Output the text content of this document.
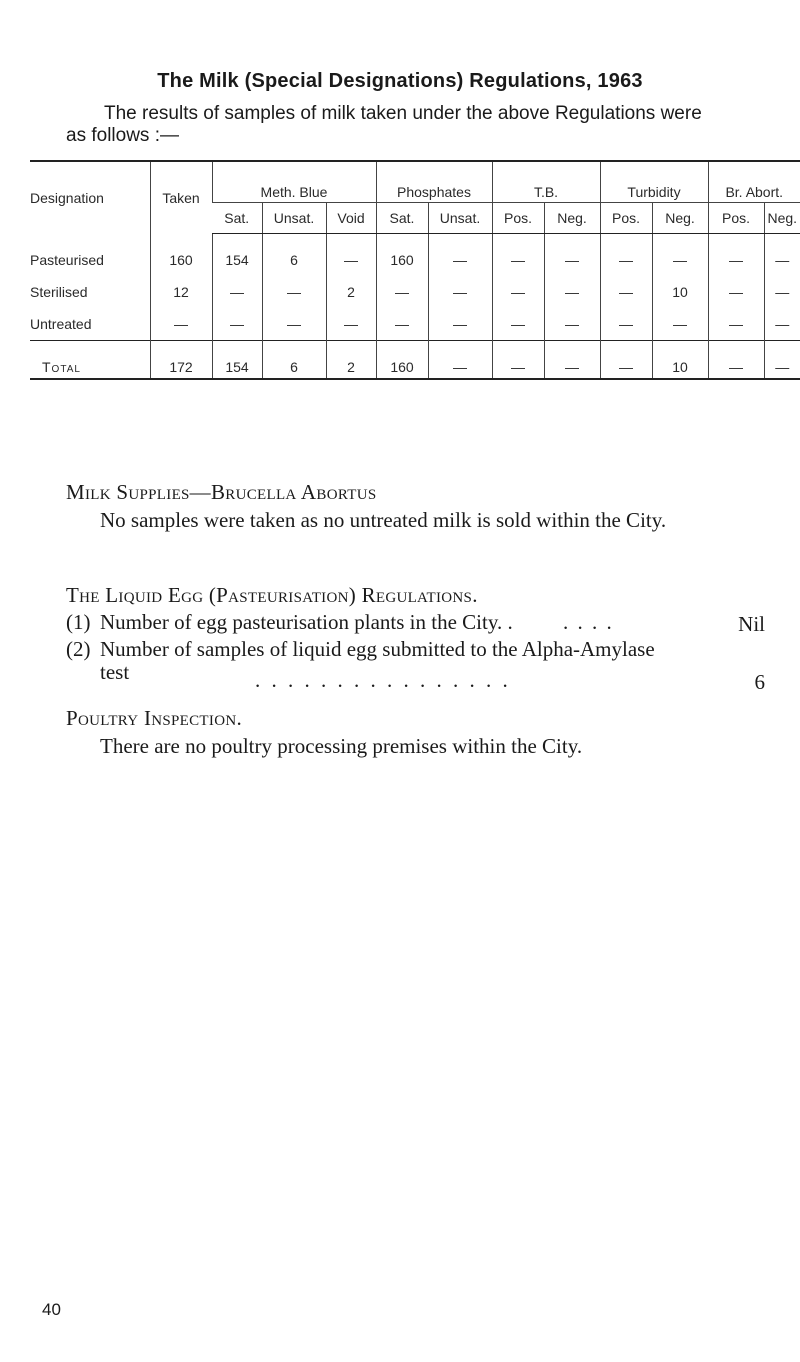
The Milk (Special Designations) Regulations, 1963
The results of samples of milk taken under the above Regulations were
as follows :—
Designation	Taken	Meth. Blue			Phosphates		T.B.		Turbidity		Br. Abort.	
		Sat.	Unsat.	Void	Sat.	Unsat.	Pos.	Neg.	Pos.	Neg.	Pos.	Neg.
Pasteurised	160	154	6	—	160	—	—	—	—	—	—	—
Sterilised	12	—	—	2	—	—	—	—	—	10	—	—
Untreated	—	—	—	—	—	—	—	—	—	—	—	—
Total	172	154	6	2	160	—	—	—	—	10	—	—
Milk Supplies—Brucella Abortus
No samples were taken as no untreated milk is sold within the City.
The Liquid Egg (Pasteurisation) Regulations.
(1) Number of egg pasteurisation plants in the City. .	. . . .	Nil
(2) Number of samples of liquid egg submitted to the Alpha-Amylase
test	. . . . . . . . . . . . . . . .	6
Poultry Inspection.
There are no poultry processing premises within the City.
40
